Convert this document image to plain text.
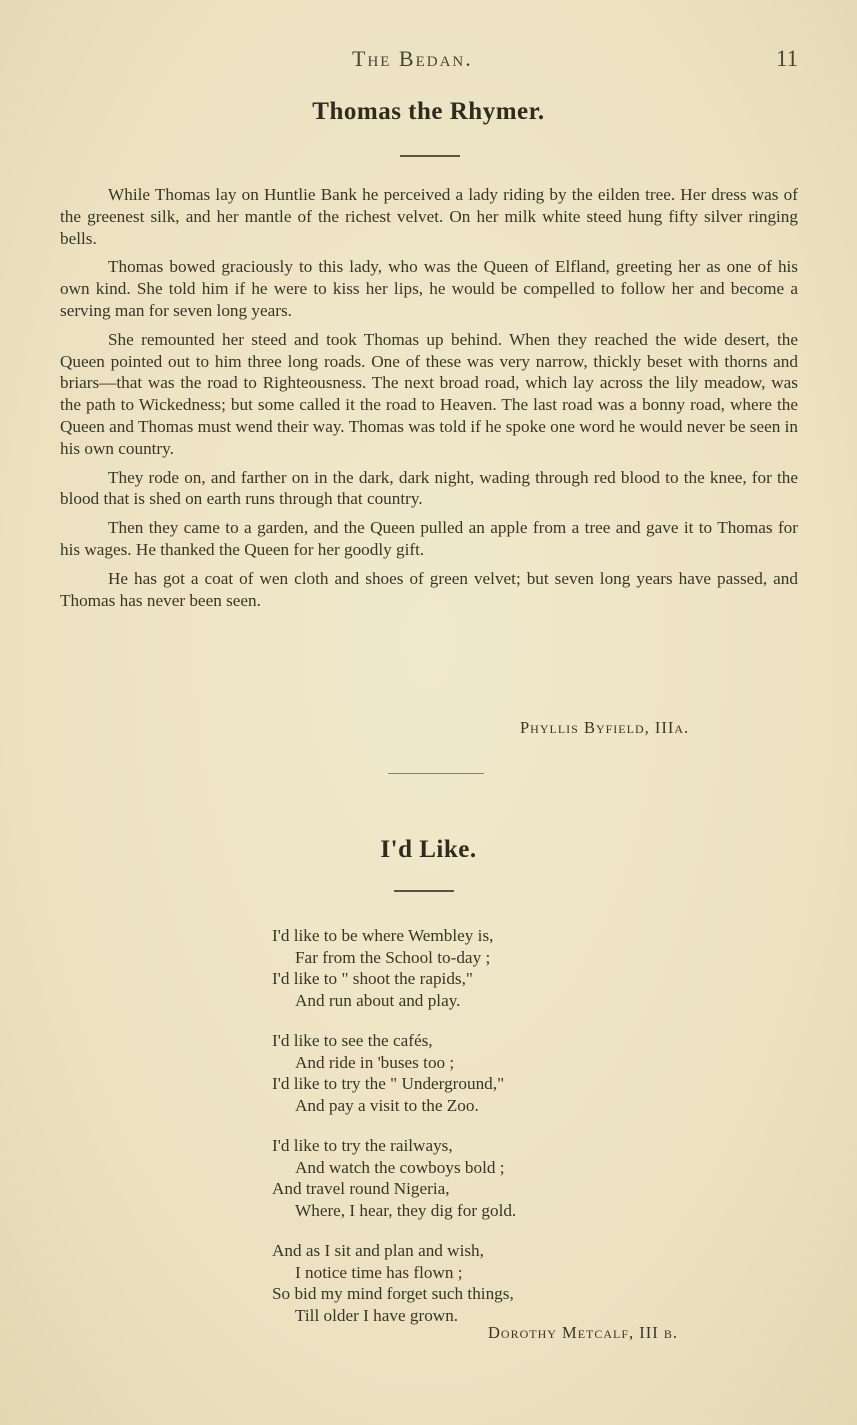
The Bedan.	11
Thomas the Rhymer.

While Thomas lay on Huntlie Bank he perceived a lady riding by the eilden tree. Her dress was of the greenest silk, and her mantle of the richest velvet. On her milk white steed hung fifty silver ringing bells.

Thomas bowed graciously to this lady, who was the Queen of Elfland, greeting her as one of his own kind. She told him if he were to kiss her lips, he would be compelled to follow her and become a serving man for seven long years.

She remounted her steed and took Thomas up behind. When they reached the wide desert, the Queen pointed out to him three long roads. One of these was very narrow, thickly beset with thorns and briars—that was the road to Righteousness. The next broad road, which lay across the lily meadow, was the path to Wickedness; but some called it the road to Heaven. The last road was a bonny road, where the Queen and Thomas must wend their way. Thomas was told if he spoke one word he would never be seen in his own country.

They rode on, and farther on in the dark, dark night, wading through red blood to the knee, for the blood that is shed on earth runs through that country.

Then they came to a garden, and the Queen pulled an apple from a tree and gave it to Thomas for his wages. He thanked the Queen for her goodly gift.

He has got a coat of wen cloth and shoes of green velvet; but seven long years have passed, and Thomas has never been seen.

Phyllis Byfield, IIIa.
I'd Like.
I'd like to be where Wembley is,
Far from the School to-day ;
I'd like to " shoot the rapids,"
And run about and play.
I'd like to see the cafés,
And ride in 'buses too ;
I'd like to try the " Underground,"
And pay a visit to the Zoo.
I'd like to try the railways,
And watch the cowboys bold ;
And travel round Nigeria,
Where, I hear, they dig for gold.
And as I sit and plan and wish,
I notice time has flown ;
So bid my mind forget such things,
Till older I have grown.
Dorothy Metcalf, III b.
